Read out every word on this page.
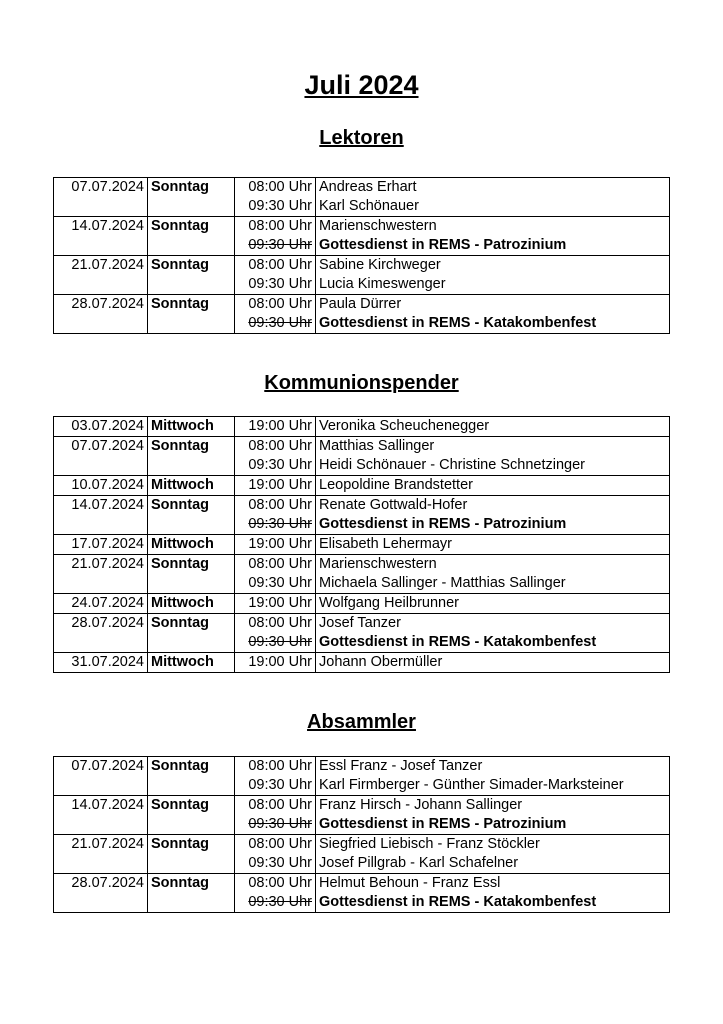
Juli 2024
Lektoren
07.07.2024	Sonntag	08:00 Uhr	Andreas Erhart
		09:30 Uhr	Karl Schönauer
14.07.2024	Sonntag	08:00 Uhr	Marienschwestern
		09:30 Uhr	Gottesdienst in REMS - Patrozinium
21.07.2024	Sonntag	08:00 Uhr	Sabine Kirchweger
		09:30 Uhr	Lucia Kimeswenger
28.07.2024	Sonntag	08:00 Uhr	Paula Dürrer
		09:30 Uhr	Gottesdienst in REMS - Katakombenfest
Kommunionspender
03.07.2024	Mittwoch	19:00 Uhr	Veronika Scheuchenegger
07.07.2024	Sonntag	08:00 Uhr	Matthias Sallinger
		09:30 Uhr	Heidi Schönauer - Christine Schnetzinger
10.07.2024	Mittwoch	19:00 Uhr	Leopoldine Brandstetter
14.07.2024	Sonntag	08:00 Uhr	Renate Gottwald-Hofer
		09:30 Uhr	Gottesdienst in REMS - Patrozinium
17.07.2024	Mittwoch	19:00 Uhr	Elisabeth Lehermayr
21.07.2024	Sonntag	08:00 Uhr	Marienschwestern
		09:30 Uhr	Michaela Sallinger - Matthias Sallinger
24.07.2024	Mittwoch	19:00 Uhr	Wolfgang Heilbrunner
28.07.2024	Sonntag	08:00 Uhr	Josef Tanzer
		09:30 Uhr	Gottesdienst in REMS - Katakombenfest
31.07.2024	Mittwoch	19:00 Uhr	Johann Obermüller
Absammler
07.07.2024	Sonntag	08:00 Uhr	Essl Franz - Josef Tanzer
		09:30 Uhr	Karl Firmberger - Günther Simader-Marksteiner
14.07.2024	Sonntag	08:00 Uhr	Franz Hirsch - Johann Sallinger
		09:30 Uhr	Gottesdienst in REMS - Patrozinium
21.07.2024	Sonntag	08:00 Uhr	Siegfried Liebisch - Franz Stöckler
		09:30 Uhr	Josef Pillgrab - Karl Schafelner
28.07.2024	Sonntag	08:00 Uhr	Helmut Behoun - Franz Essl
		09:30 Uhr	Gottesdienst in REMS - Katakombenfest
